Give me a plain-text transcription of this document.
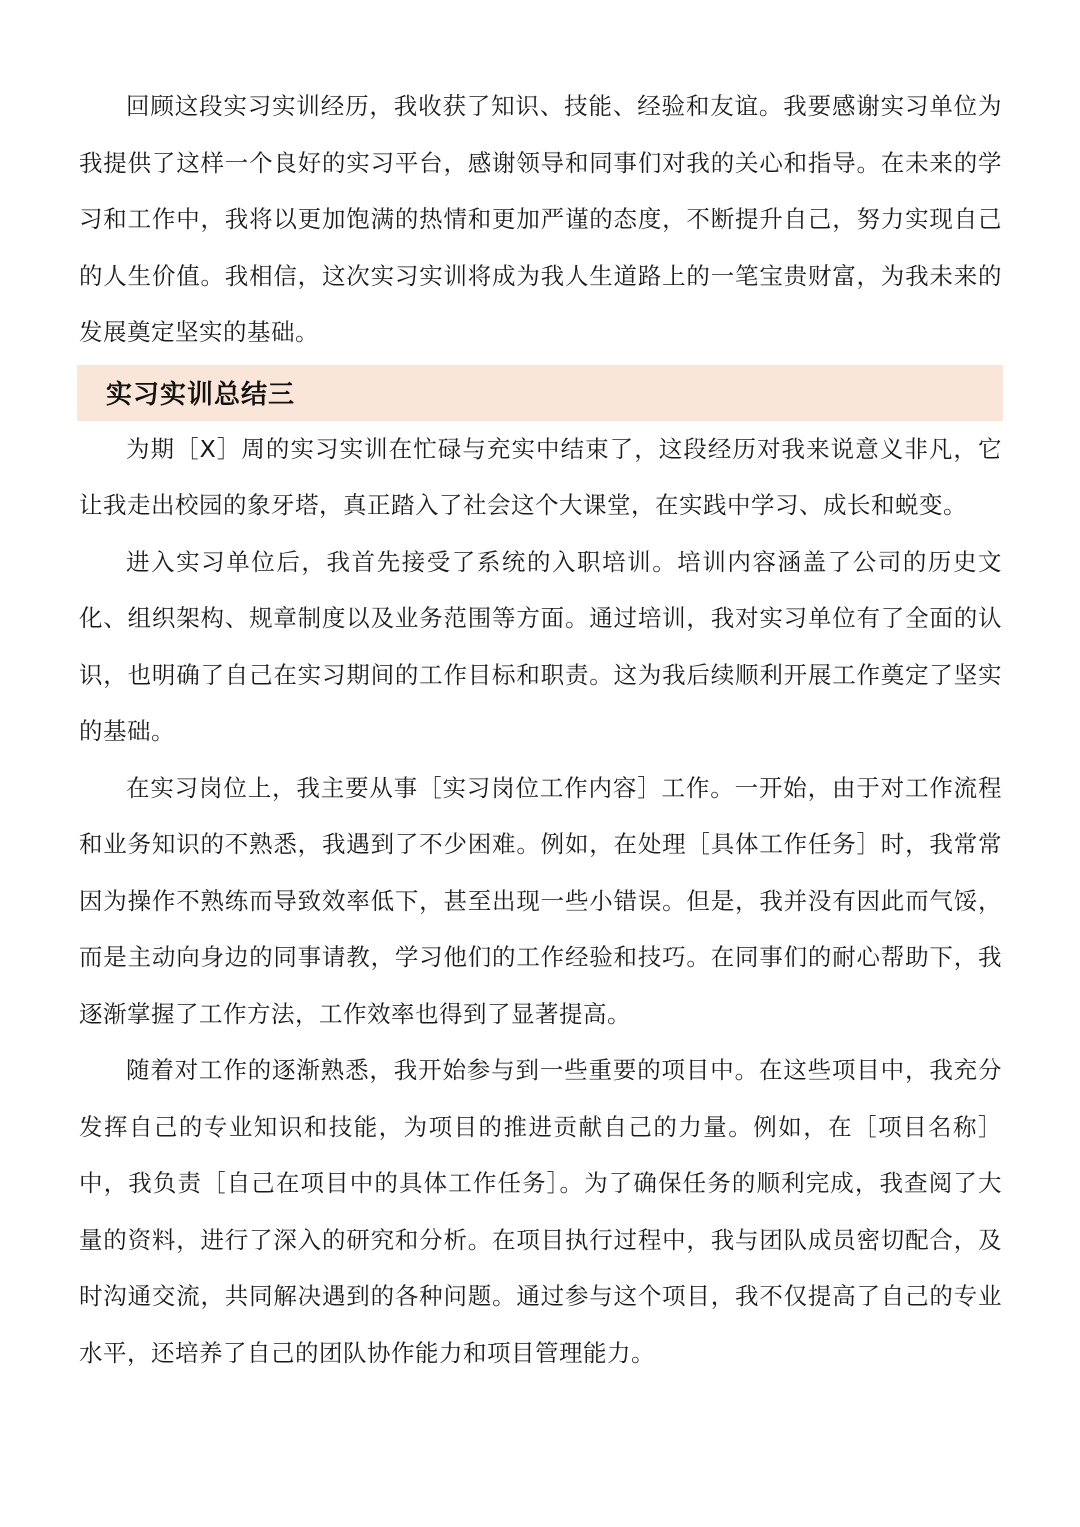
回顾这段实习实训经历，我收获了知识、技能、经验和友谊。我要感谢实习单位为我提供了这样一个良好的实习平台，感谢领导和同事们对我的关心和指导。在未来的学习和工作中，我将以更加饱满的热情和更加严谨的态度，不断提升自己，努力实现自己的人生价值。我相信，这次实习实训将成为我人生道路上的一笔宝贵财富，为我未来的发展奠定坚实的基础。

实习实训总结三

为期［X］周的实习实训在忙碌与充实中结束了，这段经历对我来说意义非凡，它让我走出校园的象牙塔，真正踏入了社会这个大课堂，在实践中学习、成长和蜕变。

进入实习单位后，我首先接受了系统的入职培训。培训内容涵盖了公司的历史文化、组织架构、规章制度以及业务范围等方面。通过培训，我对实习单位有了全面的认识，也明确了自己在实习期间的工作目标和职责。这为我后续顺利开展工作奠定了坚实的基础。

在实习岗位上，我主要从事［实习岗位工作内容］工作。一开始，由于对工作流程和业务知识的不熟悉，我遇到了不少困难。例如，在处理［具体工作任务］时，我常常因为操作不熟练而导致效率低下，甚至出现一些小错误。但是，我并没有因此而气馁，而是主动向身边的同事请教，学习他们的工作经验和技巧。在同事们的耐心帮助下，我逐渐掌握了工作方法，工作效率也得到了显著提高。

随着对工作的逐渐熟悉，我开始参与到一些重要的项目中。在这些项目中，我充分发挥自己的专业知识和技能，为项目的推进贡献自己的力量。例如，在［项目名称］中，我负责［自己在项目中的具体工作任务］。为了确保任务的顺利完成，我查阅了大量的资料，进行了深入的研究和分析。在项目执行过程中，我与团队成员密切配合，及时沟通交流，共同解决遇到的各种问题。通过参与这个项目，我不仅提高了自己的专业水平，还培养了自己的团队协作能力和项目管理能力。
